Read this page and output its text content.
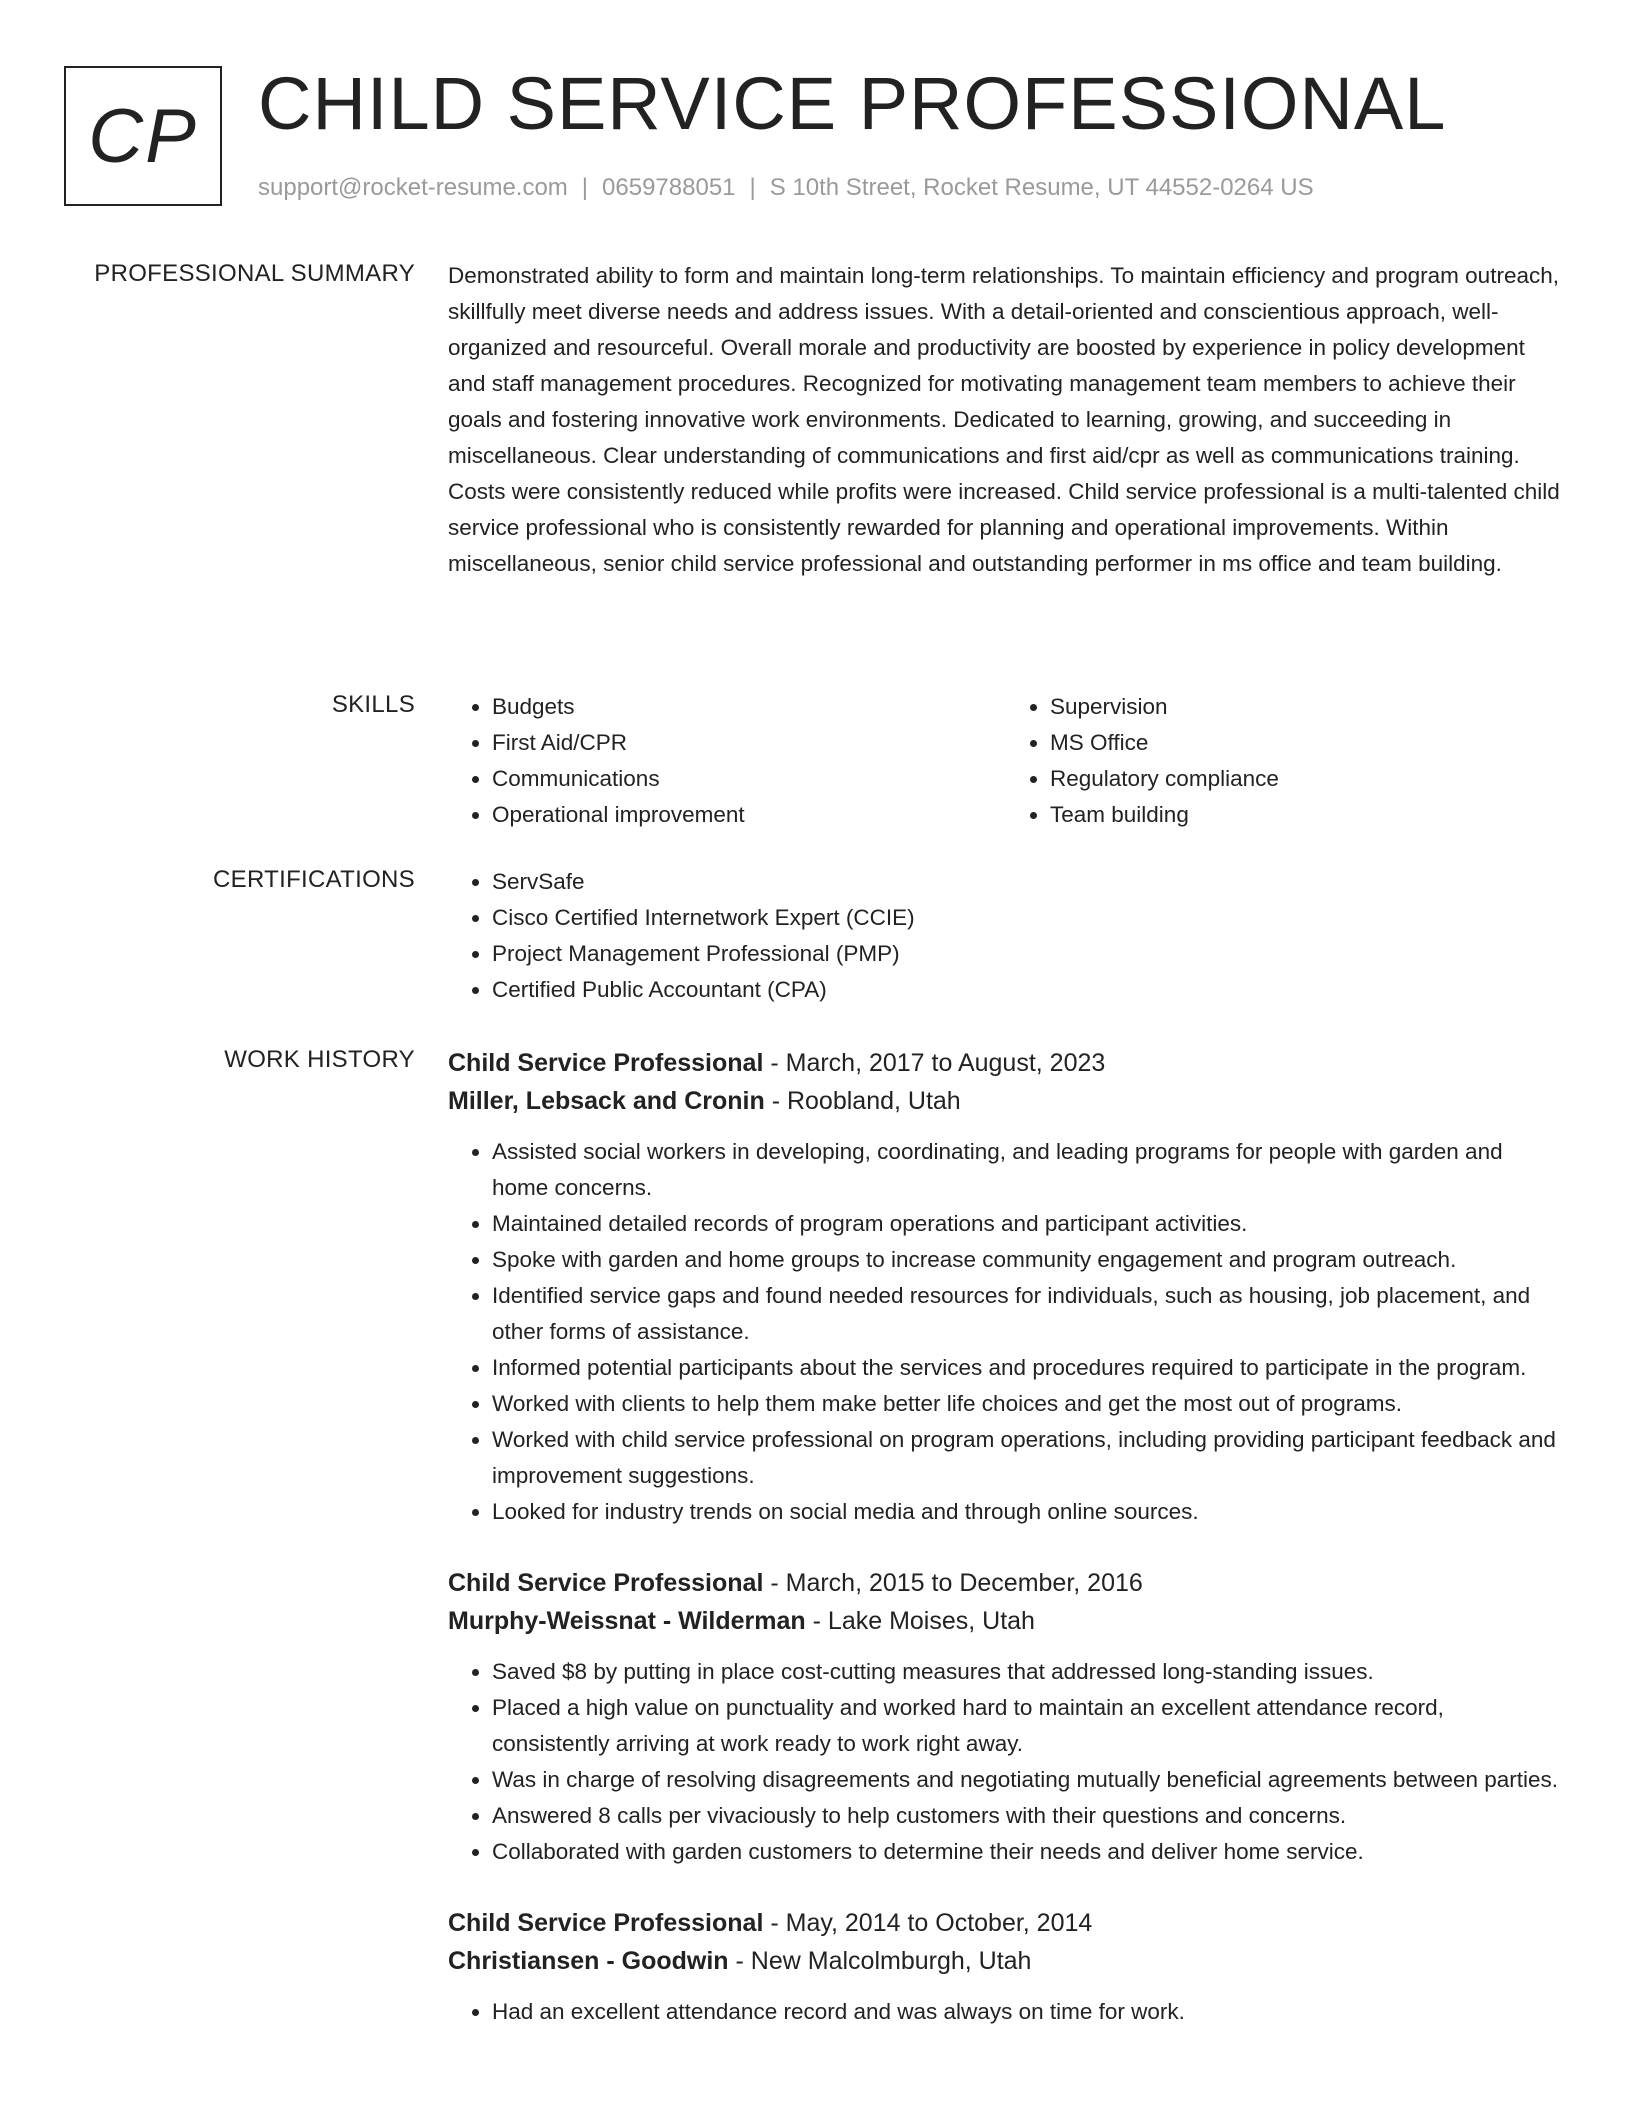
CP CHILD SERVICE PROFESSIONAL
support@rocket-resume.com | 0659788051 | S 10th Street, Rocket Resume, UT 44552-0264 US
PROFESSIONAL SUMMARY Demonstrated ability to form and maintain long-term relationships. To maintain efficiency and program outreach, skillfully meet diverse needs and address issues. With a detail-oriented and conscientious approach, well-organized and resourceful. Overall morale and productivity are boosted by experience in policy development and staff management procedures. Recognized for motivating management team members to achieve their goals and fostering innovative work environments. Dedicated to learning, growing, and succeeding in miscellaneous. Clear understanding of communications and first aid/cpr as well as communications training. Costs were consistently reduced while profits were increased. Child service professional is a multi-talented child service professional who is consistently rewarded for planning and operational improvements. Within miscellaneous, senior child service professional and outstanding performer in ms office and team building.
SKILLS	• Budgets
• First Aid/CPR
• Communications
• Operational improvement
• Supervision
• MS Office
• Regulatory compliance
• Team building
CERTIFICATIONS	• ServSafe
• Cisco Certified Internetwork Expert (CCIE)
• Project Management Professional (PMP)
• Certified Public Accountant (CPA)
WORK HISTORY Child Service Professional - March, 2017 to August, 2023
Miller, Lebsack and Cronin - Roobland, Utah
• Assisted social workers in developing, coordinating, and leading programs for people with garden and home concerns.
• Maintained detailed records of program operations and participant activities.
• Spoke with garden and home groups to increase community engagement and program outreach.
• Identified service gaps and found needed resources for individuals, such as housing, job placement, and other forms of assistance.
• Informed potential participants about the services and procedures required to participate in the program.
• Worked with clients to help them make better life choices and get the most out of programs.
• Worked with child service professional on program operations, including providing participant feedback and improvement suggestions.
• Looked for industry trends on social media and through online sources.
Child Service Professional - March, 2015 to December, 2016
Murphy-Weissnat - Wilderman - Lake Moises, Utah
• Saved $8 by putting in place cost-cutting measures that addressed long-standing issues.
• Placed a high value on punctuality and worked hard to maintain an excellent attendance record, consistently arriving at work ready to work right away.
• Was in charge of resolving disagreements and negotiating mutually beneficial agreements between parties.
• Answered 8 calls per vivaciously to help customers with their questions and concerns.
• Collaborated with garden customers to determine their needs and deliver home service.
Child Service Professional - May, 2014 to October, 2014
Christiansen - Goodwin - New Malcolmburgh, Utah
• Had an excellent attendance record and was always on time for work.
